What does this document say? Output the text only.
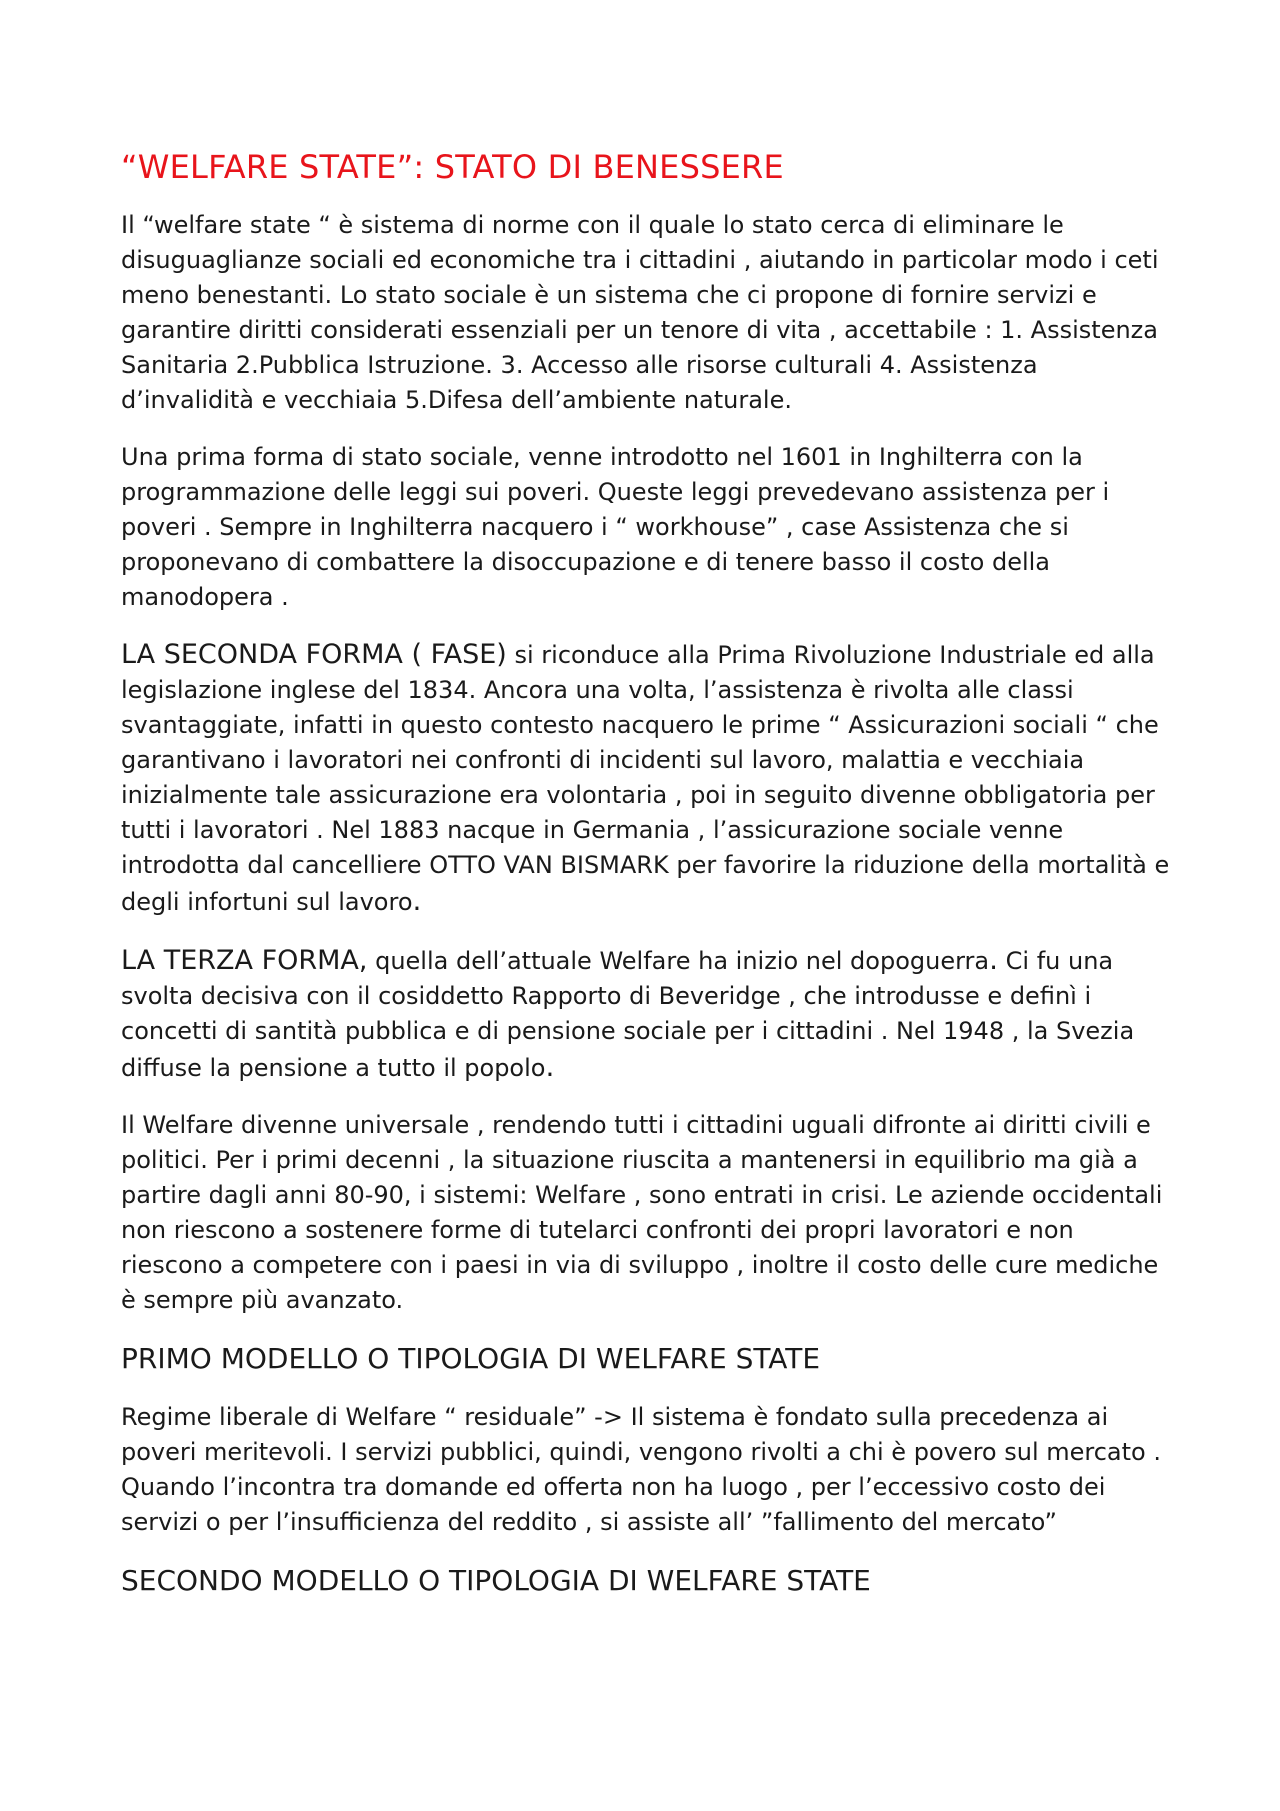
“WELFARE STATE”: STATO DI BENESSERE

Il “welfare state “ è sistema di norme con il quale lo stato cerca di eliminare le disuguaglianze sociali ed economiche tra i cittadini , aiutando in particolar modo i ceti meno benestanti. Lo stato sociale è un sistema che ci propone di fornire servizi e garantire diritti considerati essenziali per un tenore di vita , accettabile : 1. Assistenza Sanitaria 2.Pubblica Istruzione. 3. Accesso alle risorse culturali 4. Assistenza d’invalidità e vecchiaia 5.Difesa dell’ambiente naturale.

Una prima forma di stato sociale, venne introdotto nel 1601 in Inghilterra con la programmazione delle leggi sui poveri. Queste leggi prevedevano assistenza per i poveri . Sempre in Inghilterra nacquero i “ workhouse” , case Assistenza che si proponevano di combattere la disoccupazione e di tenere basso il costo della manodopera .

LA SECONDA FORMA ( FASE) si riconduce alla Prima Rivoluzione Industriale ed alla legislazione inglese del 1834. Ancora una volta, l’assistenza è rivolta alle classi svantaggiate, infatti in questo contesto nacquero le prime “ Assicurazioni sociali “ che garantivano i lavoratori nei confronti di incidenti sul lavoro, malattia e vecchiaia inizialmente tale assicurazione era volontaria , poi in seguito divenne obbligatoria per tutti i lavoratori . Nel 1883 nacque in Germania , l’assicurazione sociale venne introdotta dal cancelliere OTTO VAN BISMARK per favorire la riduzione della mortalità e degli infortuni sul lavoro.

LA TERZA FORMA, quella dell’attuale Welfare ha inizio nel dopoguerra. Ci fu una svolta decisiva con il cosiddetto Rapporto di Beveridge , che introdusse e definì i concetti di santità pubblica e di pensione sociale per i cittadini . Nel 1948 , la Svezia diffuse la pensione a tutto il popolo.

Il Welfare divenne universale , rendendo tutti i cittadini uguali difronte ai diritti civili e politici. Per i primi decenni , la situazione riuscita a mantenersi in equilibrio ma già a partire dagli anni 80-90, i sistemi: Welfare , sono entrati in crisi. Le aziende occidentali non riescono a sostenere forme di tutelarci confronti dei propri lavoratori e non riescono a competere con i paesi in via di sviluppo , inoltre il costo delle cure mediche è sempre più avanzato.

PRIMO MODELLO O TIPOLOGIA DI WELFARE STATE

Regime liberale di Welfare “ residuale” -> Il sistema è fondato sulla precedenza ai poveri meritevoli. I servizi pubblici, quindi, vengono rivolti a chi è povero sul mercato . Quando l’incontra tra domande ed offerta non ha luogo , per l’eccessivo costo dei servizi o per l’insufficienza del reddito , si assiste all’ ”fallimento del mercato”

SECONDO MODELLO O TIPOLOGIA DI WELFARE STATE
